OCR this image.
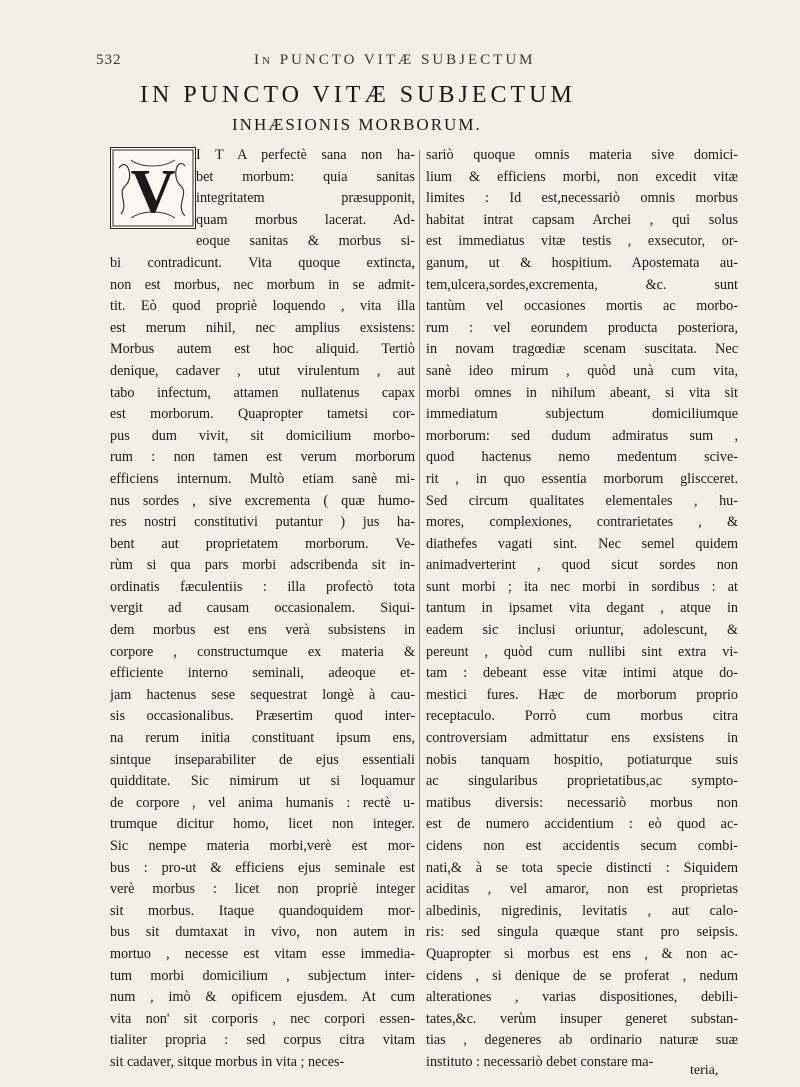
532	In PUNCTO VITÆ SUBJECTUM
IN PUNCTO VITÆ SUBJECTUM
INHÆSIONIS MORBORUM.
V
I T A perfectè sana non ha-
bet morbum: quia sanitas
integritatem præsupponit,
quam morbus lacerat. Ad-
eoque sanitas & morbus si-
bi contradicunt. Vita quoque extincta,
non est morbus, nec morbum in se admit-
tit. Eò quod propriè loquendo , vita illa
est merum nihil, nec amplius exsistens:
Morbus autem est hoc aliquid. Tertiò
denique, cadaver , utut virulentum , aut
tabo infectum, attamen nullatenus capax
est morborum. Quapropter tametsi cor-
pus dum vivit, sit domicilium morbo-
rum : non tamen est verum morborum
efficiens internum. Multò etiam sanè mi-
nus sordes , sive excrementa ( quæ humo-
res nostri constitutivi putantur ) jus ha-
bent aut proprietatem morborum. Ve-
rùm si qua pars morbi adscribenda sit in-
ordinatis fæculentiis : illa profectò tota
vergit ad causam occasionalem. Siqui-
dem morbus est ens verà subsistens in
corpore , constructumque ex materia &
efficiente interno seminali, adeoque et-
jam hactenus sese sequestrat longè à cau-
sis occasionalibus. Præsertim quod inter-
na rerum initia constituant ipsum ens,
sintque inseparabiliter de ejus essentiali
quidditate. Sic nimirum ut si loquamur
de corpore , vel anima humanis : rectè u-
trumque dicitur homo, licet non integer.
Sic nempe materia morbi,verè est mor-
bus : pro-ut & efficiens ejus seminale est
verè morbus : licet non propriè integer
sit morbus. Itaque quandoquidem mor-
bus sit dumtaxat in vivo, non autem in
mortuo , necesse est vitam esse immedia-
tum morbi domicilium , subjectum inter-
num , imò & opificem ejusdem. At cum
vita non' sit corporis , nec corpori essen-
tialiter propria : sed corpus citra vitam
sit cadaver, sitque morbus in vita ; neces-
sariò quoque omnis materia sive domici-
lium & efficiens morbi, non excedit vitæ
limites : Id est,necessariò omnis morbus
habitat intrat capsam Archei , qui solus
est immediatus vitæ testis , exsecutor, or-
ganum, ut & hospitium. Apostemata au-
tem,ulcera,sordes,excrementa, &c. sunt
tantùm vel occasiones mortis ac morbo-
rum : vel eorundem producta posteriora,
in novam tragœdiæ scenam suscitata. Nec
sanè ideo mirum , quòd unà cum vita,
morbi omnes in nihilum abeant, si vita sit
immediatum subjectum domiciliumque
morborum: sed dudum admiratus sum ,
quod hactenus nemo medentum scive-
rit , in quo essentia morborum gliscceret.
Sed circum qualitates elementales , hu-
mores, complexiones, contrarietates , &
diathefes vagati sint. Nec semel quidem
animadverterint , quod sicut sordes non
sunt morbi ; ita nec morbi in sordibus : at
tantum in ipsamet vita degant , atque in
eadem sic inclusi oriuntur, adolescunt, &
pereunt , quòd cum nullibi sint extra vi-
tam : debeant esse vitæ intimi atque do-
mestici fures. Hæc de morborum proprio
receptaculo. Porrò cum morbus citra
controversiam admittatur ens exsistens in
nobis tanquam hospitio, potiaturque suis
ac singularibus proprietatibus,ac sympto-
matibus diversis: necessariò morbus non
est de numero accidentium : eò quod ac-
cidens non est accidentis secum combi-
nati,& à se tota specie distincti : Siquidem
aciditas , vel amaror, non est proprietas
albedinis, nigredinis, levitatis , aut calo-
ris: sed singula quæque stant pro seipsis.
Quapropter si morbus est ens , & non ac-
cidens , si denique de se proferat , nedum
alterationes , varias dispositiones, debili-
tates,&c. verùm insuper generet substan-
tias , degeneres ab ordinario naturæ suæ
instituto : necessariò debet constare ma-
teria,
